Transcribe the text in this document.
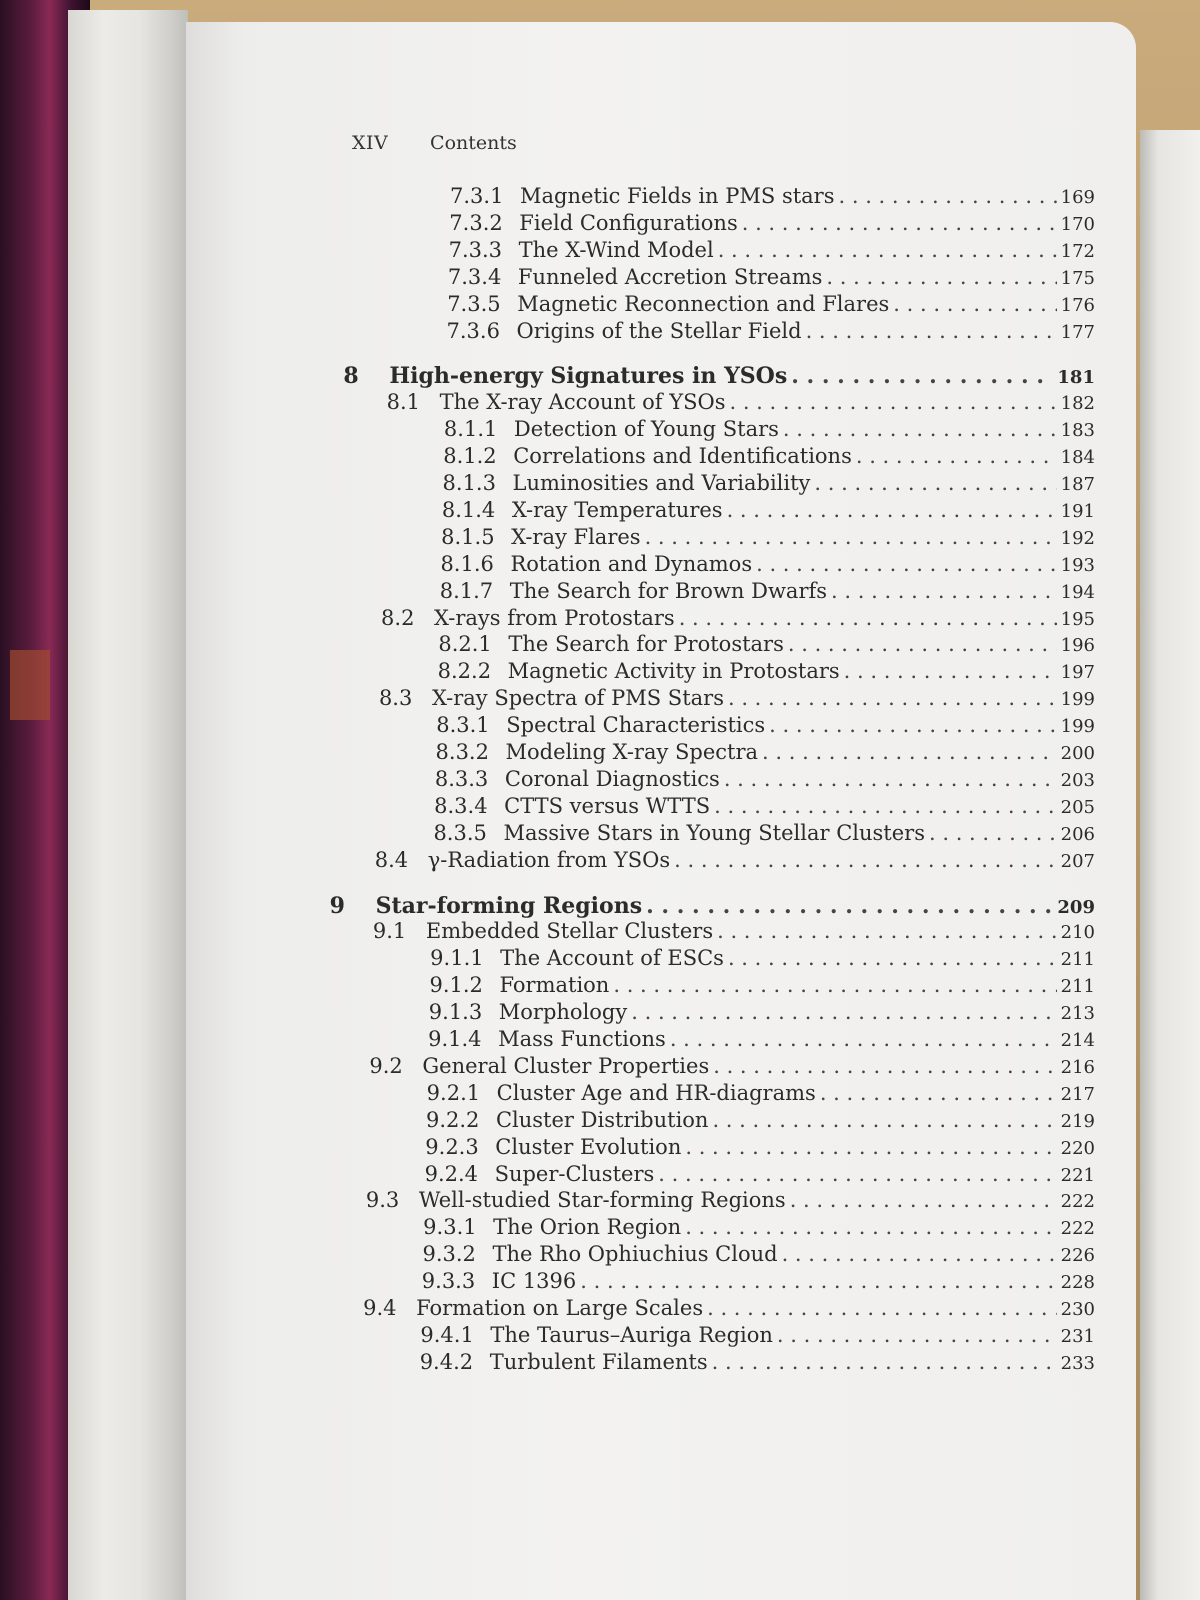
XIV Contents
7.3.1 Magnetic Fields in PMS stars . . .	169
7.3.2 Field Configurations . . .	170
7.3.3 The X-Wind Model . . .	172
7.3.4 Funneled Accretion Streams . . .	175
7.3.5 Magnetic Reconnection and Flares . . .	176
7.3.6 Origins of the Stellar Field . . .	177
8	High-energy Signatures in YSOs . . .	181
8.1 The X-ray Account of YSOs . . .	182
8.1.1 Detection of Young Stars . . .	183
8.1.2 Correlations and Identifications . . .	184
8.1.3 Luminosities and Variability . . .	187
8.1.4 X-ray Temperatures . . .	191
8.1.5 X-ray Flares . . .	192
8.1.6 Rotation and Dynamos . . .	193
8.1.7 The Search for Brown Dwarfs . . .	194
8.2 X-rays from Protostars . . .	195
8.2.1 The Search for Protostars . . .	196
8.2.2 Magnetic Activity in Protostars . . .	197
8.3 X-ray Spectra of PMS Stars . . .	199
8.3.1 Spectral Characteristics . . .	199
8.3.2 Modeling X-ray Spectra . . .	200
8.3.3 Coronal Diagnostics . . .	203
8.3.4 CTTS versus WTTS . . .	205
8.3.5 Massive Stars in Young Stellar Clusters . . .	206
8.4 γ-Radiation from YSOs . . .	207
9	Star-forming Regions . . .	209
9.1 Embedded Stellar Clusters . . .	210
9.1.1 The Account of ESCs . . .	211
9.1.2 Formation . . .	211
9.1.3 Morphology . . .	213
9.1.4 Mass Functions . . .	214
9.2 General Cluster Properties . . .	216
9.2.1 Cluster Age and HR-diagrams . . .	217
9.2.2 Cluster Distribution . . .	219
9.2.3 Cluster Evolution . . .	220
9.2.4 Super-Clusters . . .	221
9.3 Well-studied Star-forming Regions . . .	222
9.3.1 The Orion Region . . .	222
9.3.2 The Rho Ophiuchius Cloud . . .	226
9.3.3 IC 1396 . . .	228
9.4 Formation on Large Scales . . .	230
9.4.1 The Taurus–Auriga Region . . .	231
9.4.2 Turbulent Filaments . . .	233
